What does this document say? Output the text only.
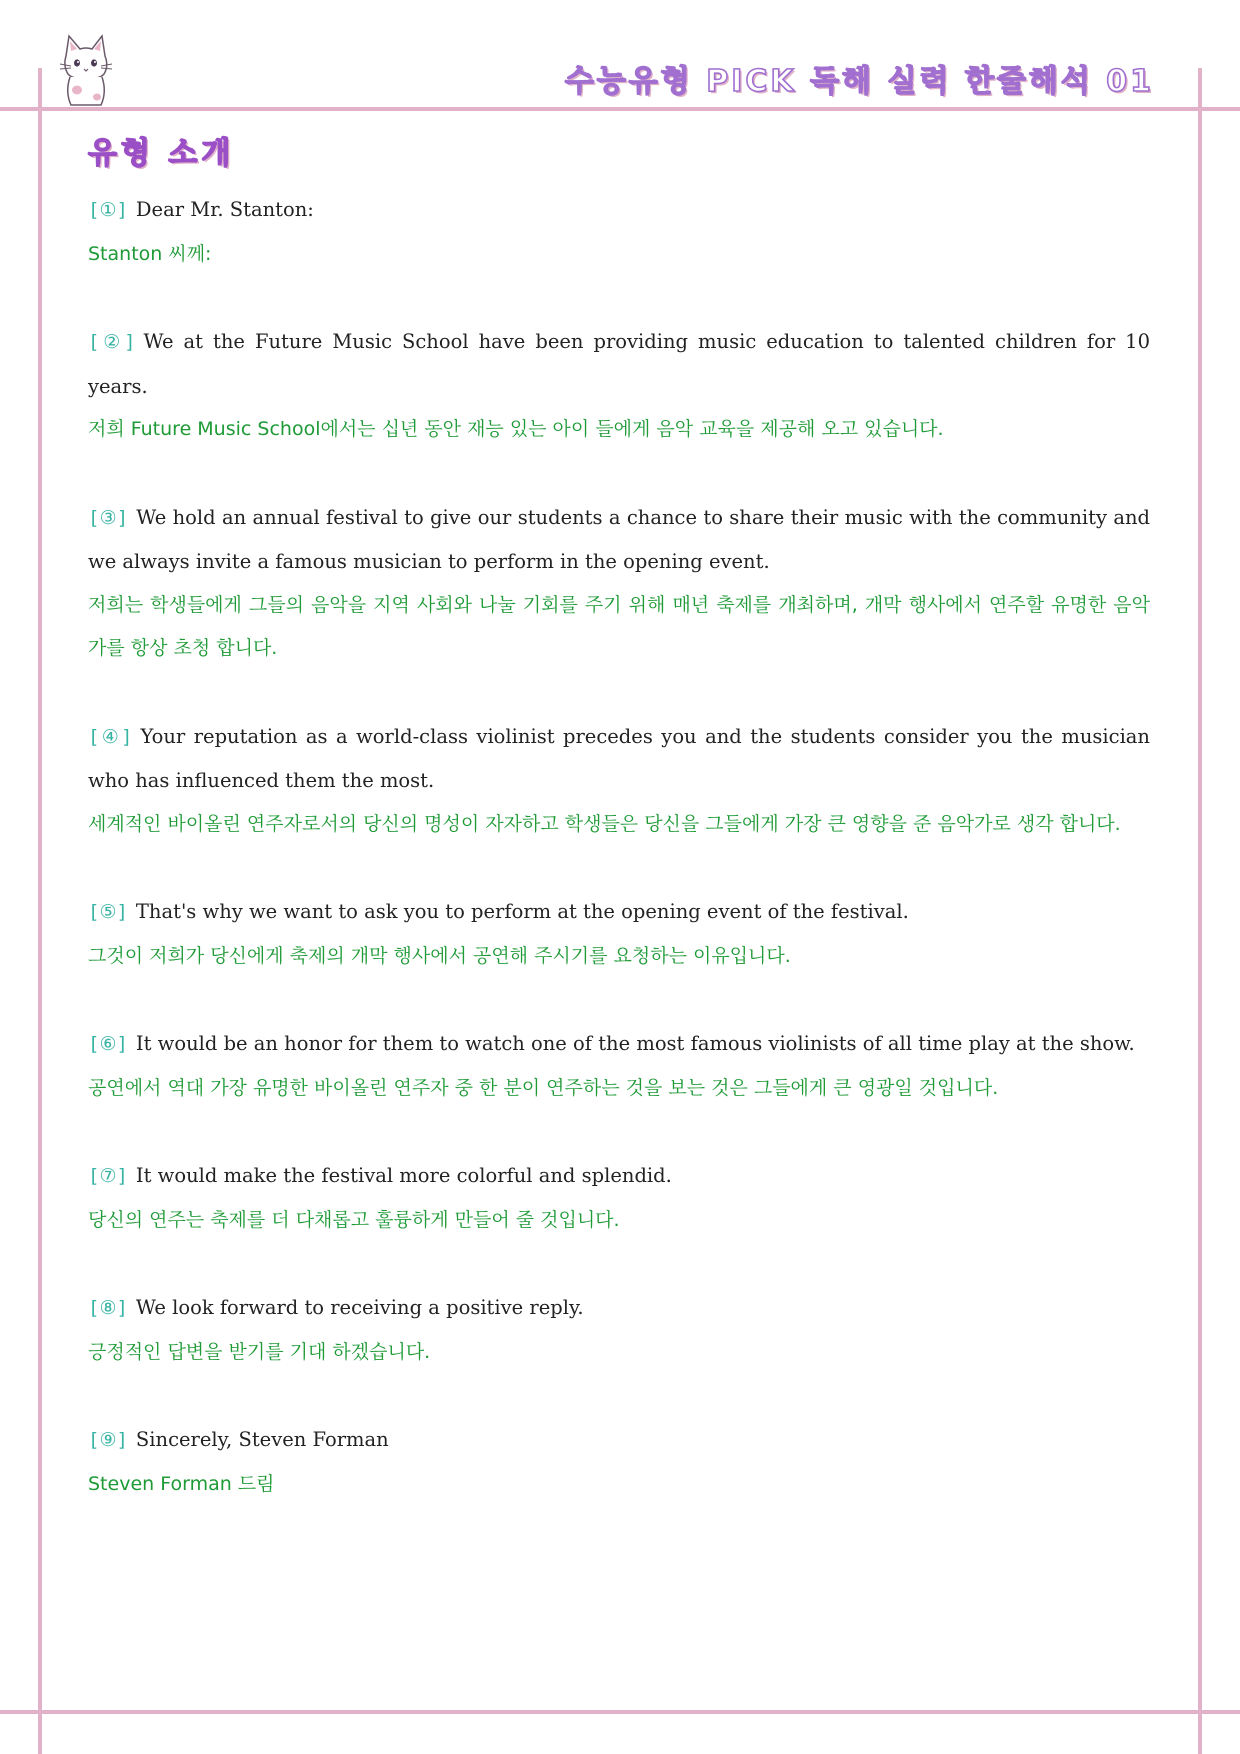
수능유형 PICK 독해 실력 한줄해석 01
유형 소개

[①] Dear Mr. Stanton:

Stanton 씨께:

[②] We at the Future Music School have been providing music education to talented children for 10 years.

저희 Future Music School에서는 십년 동안 재능 있는 아이 들에게 음악 교육을 제공해 오고 있습니다.

[③] We hold an annual festival to give our students a chance to share their music with the community and we always invite a famous musician to perform in the opening event.

저희는 학생들에게 그들의 음악을 지역 사회와 나눌 기회를 주기 위해 매년 축제를 개최하며, 개막 행사에서 연주할 유명한 음악가를 항상 초청 합니다.

[④] Your reputation as a world-class violinist precedes you and the students consider you the musician who has influenced them the most.

세계적인 바이올린 연주자로서의 당신의 명성이 자자하고 학생들은 당신을 그들에게 가장 큰 영향을 준 음악가로 생각 합니다.

[⑤] That's why we want to ask you to perform at the opening event of the festival.

그것이 저희가 당신에게 축제의 개막 행사에서 공연해 주시기를 요청하는 이유입니다.

[⑥] It would be an honor for them to watch one of the most famous violinists of all time play at the show.

공연에서 역대 가장 유명한 바이올린 연주자 중 한 분이 연주하는 것을 보는 것은 그들에게 큰 영광일 것입니다.

[⑦] It would make the festival more colorful and splendid.

당신의 연주는 축제를 더 다채롭고 훌륭하게 만들어 줄 것입니다.

[⑧] We look forward to receiving a positive reply.

긍정적인 답변을 받기를 기대 하겠습니다.

[⑨] Sincerely, Steven Forman

Steven Forman 드림
